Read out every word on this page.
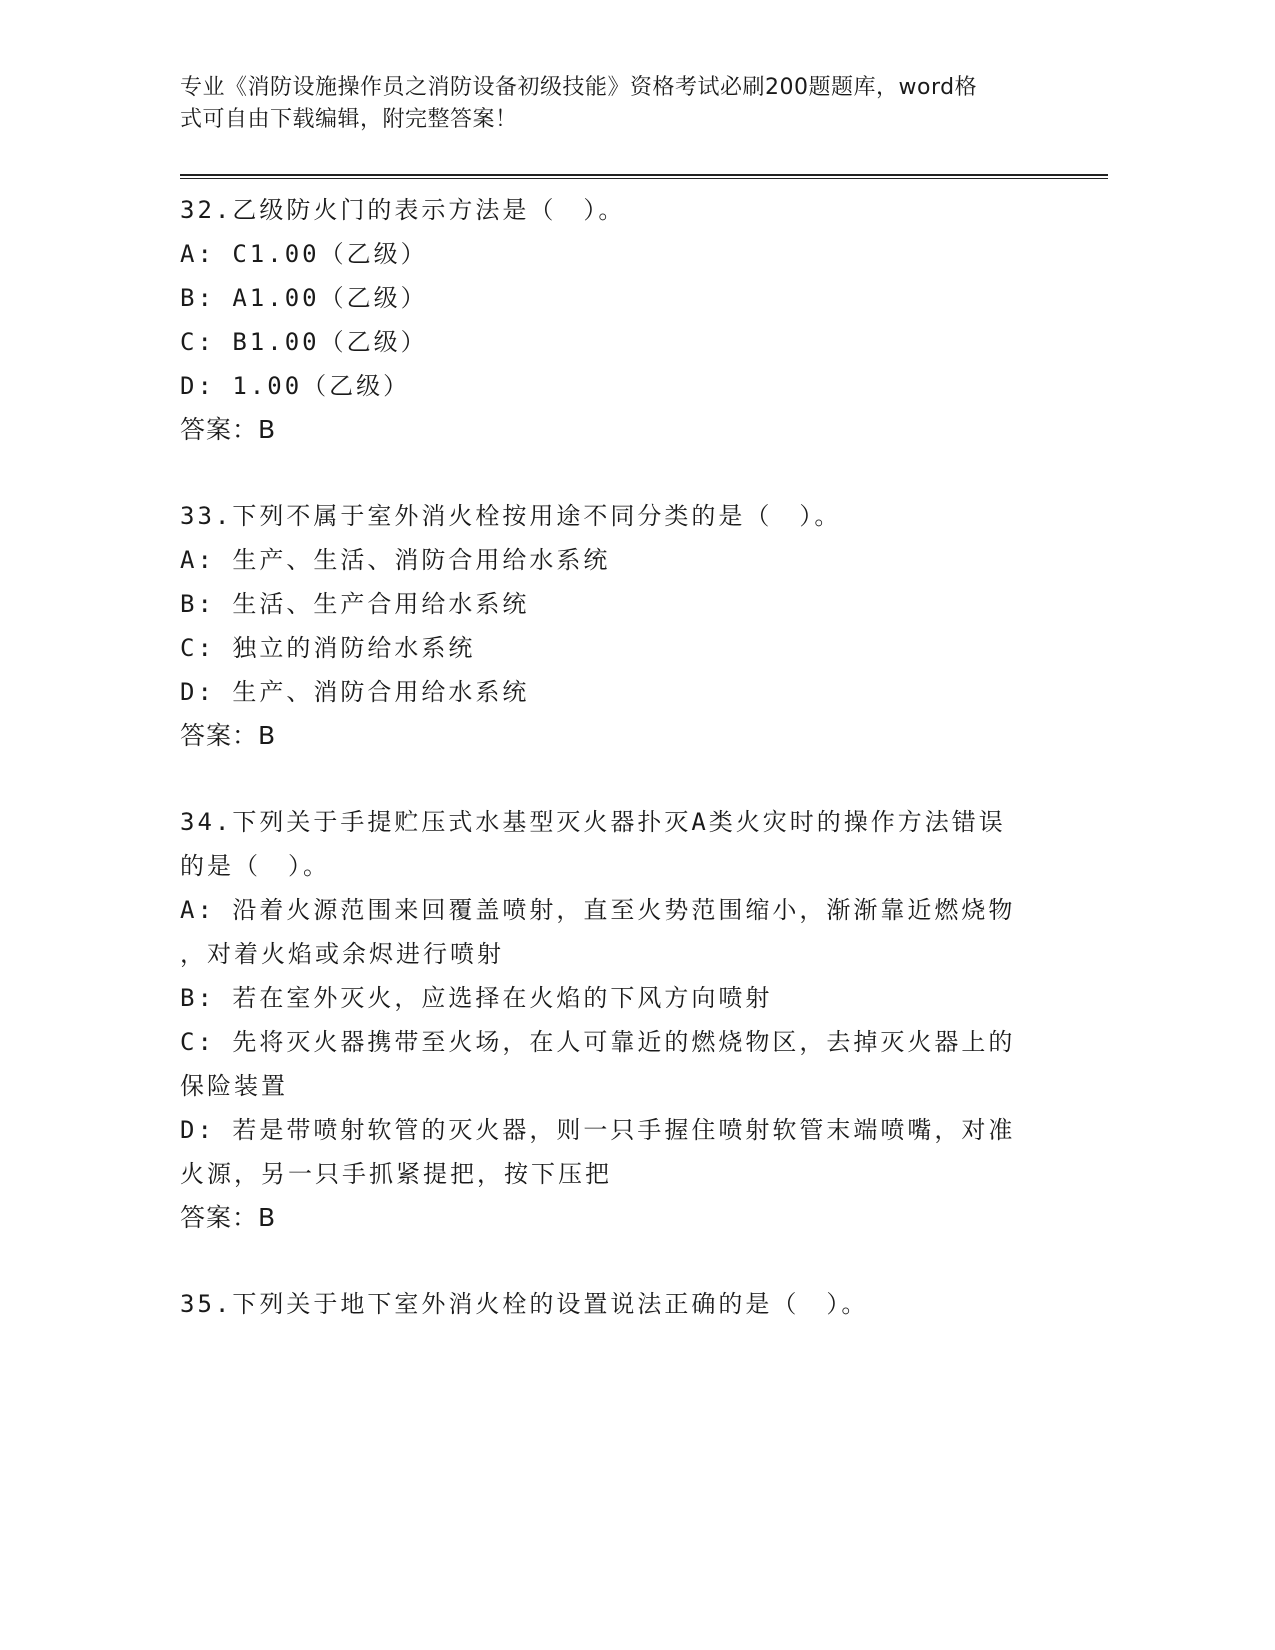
专业《消防设施操作员之消防设备初级技能》资格考试必刷200题题库，word格
式可自由下载编辑，附完整答案！

32.乙级防火门的表示方法是（　）。

A: C1.00（乙级）

B: A1.00（乙级）

C: B1.00（乙级）

D: 1.00（乙级）

答案：B

33.下列不属于室外消火栓按用途不同分类的是（　）。

A: 生产、生活、消防合用给水系统

B: 生活、生产合用给水系统

C: 独立的消防给水系统

D: 生产、消防合用给水系统

答案：B

34.下列关于手提贮压式水基型灭火器扑灭A类火灾时的操作方法错误

的是（　）。

A: 沿着火源范围来回覆盖喷射，直至火势范围缩小，渐渐靠近燃烧物

，对着火焰或余烬进行喷射

B: 若在室外灭火，应选择在火焰的下风方向喷射

C: 先将灭火器携带至火场，在人可靠近的燃烧物区，去掉灭火器上的

保险装置

D: 若是带喷射软管的灭火器，则一只手握住喷射软管末端喷嘴，对准

火源，另一只手抓紧提把，按下压把

答案：B

35.下列关于地下室外消火栓的设置说法正确的是（　）。
